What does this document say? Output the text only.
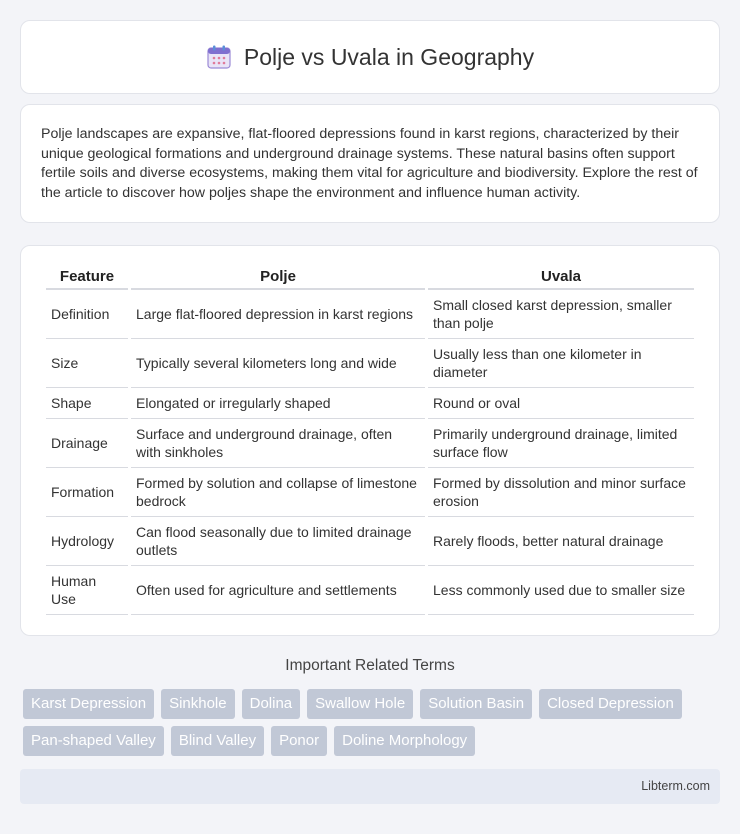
Polje vs Uvala in Geography

Polje landscapes are expansive, flat-floored depressions found in karst regions, characterized by their unique geological formations and underground drainage systems. These natural basins often support fertile soils and diverse ecosystems, making them vital for agriculture and biodiversity. Explore the rest of the article to discover how poljes shape the environment and influence human activity.

Feature	Polje	Uvala
Definition	Large flat-floored depression in karst regions	Small closed karst depression, smaller than polje
Size	Typically several kilometers long and wide	Usually less than one kilometer in diameter
Shape	Elongated or irregularly shaped	Round or oval
Drainage	Surface and underground drainage, often with sinkholes	Primarily underground drainage, limited surface flow
Formation	Formed by solution and collapse of limestone bedrock	Formed by dissolution and minor surface erosion
Hydrology	Can flood seasonally due to limited drainage outlets	Rarely floods, better natural drainage
Human Use	Often used for agriculture and settlements	Less commonly used due to smaller size
Important Related Terms
Karst Depression	Sinkhole	Dolina	Swallow Hole	Solution Basin	Closed Depression
Pan-shaped Valley	Blind Valley	Ponor	Doline Morphology
Libterm.com
